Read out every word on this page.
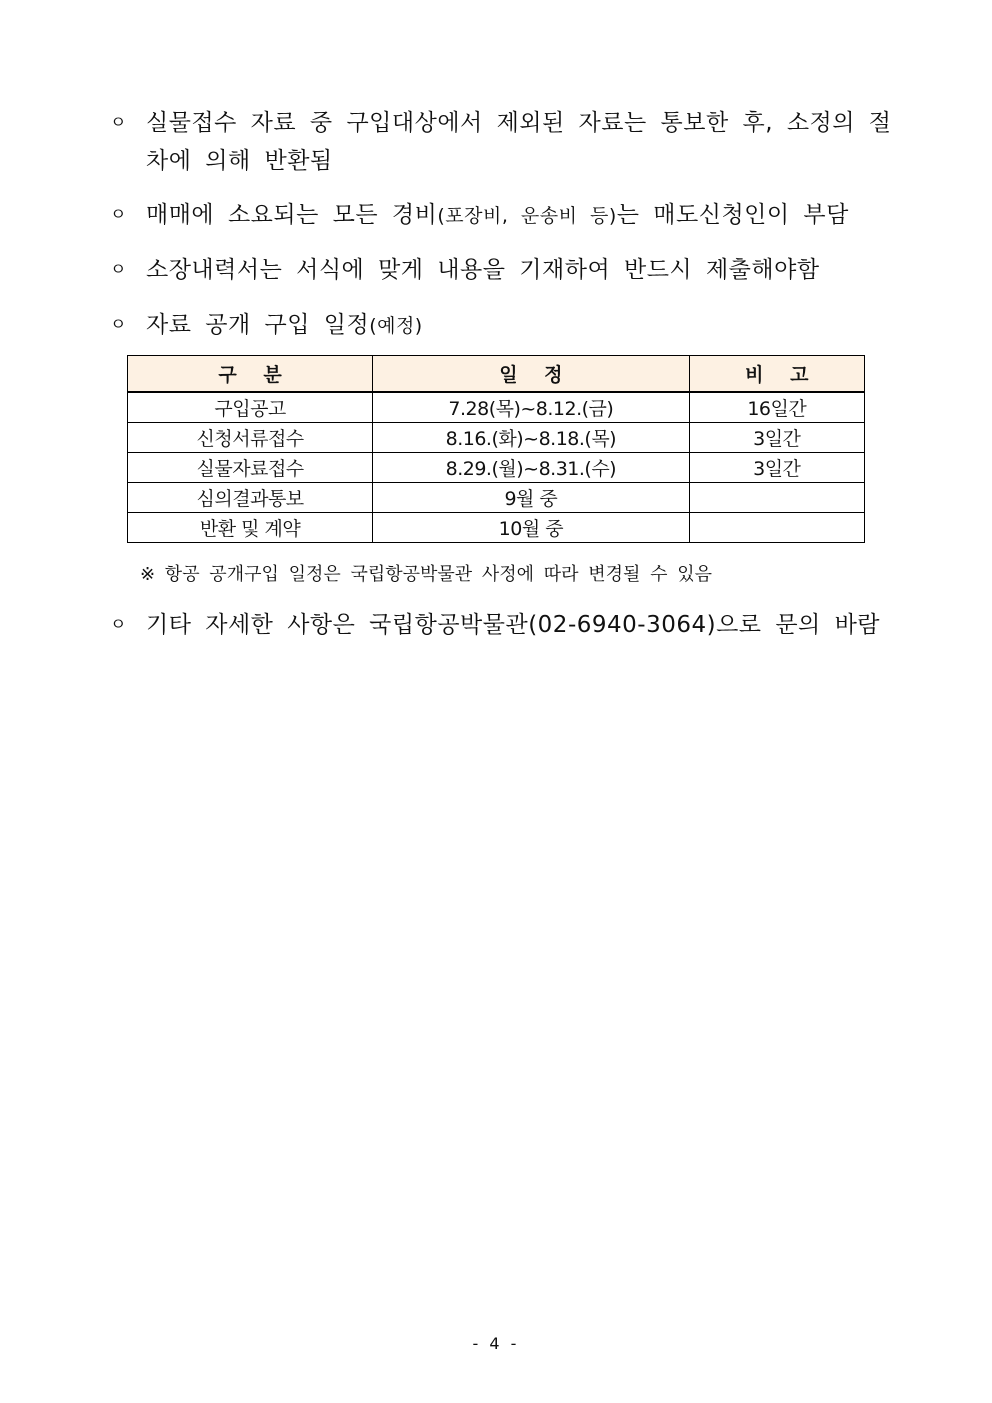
ㅇ 실물접수 자료 중 구입대상에서 제외된 자료는 통보한 후, 소정의 절차에 의해 반환됨
ㅇ 매매에 소요되는 모든 경비(포장비, 운송비 등)는 매도신청인이 부담
ㅇ 소장내력서는 서식에 맞게 내용을 기재하여 반드시 제출해야함
ㅇ 자료 공개 구입 일정(예정)
구 분	일 정	비 고
구입공고	7.28(목)~8.12.(금)	16일간
신청서류접수	8.16.(화)~8.18.(목)	3일간
실물자료접수	8.29.(월)~8.31.(수)	3일간
심의결과통보	9월 중	
반환 및 계약	10월 중	
※ 항공 공개구입 일정은 국립항공박물관 사정에 따라 변경될 수 있음
ㅇ 기타 자세한 사항은 국립항공박물관(02-6940-3064)으로 문의 바람
- 4 -
